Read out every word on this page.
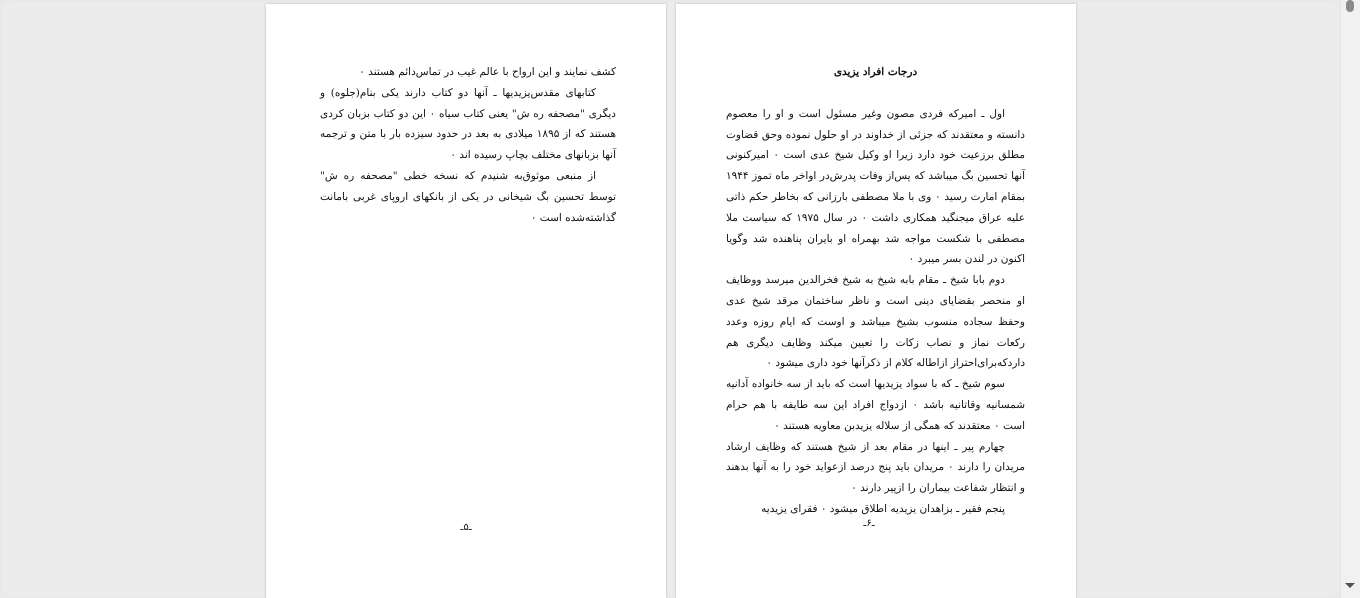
کشف نمایند و این ارواح با عالم غیب در تماس‌دائم هستند ۰

کتابهای مقدس‌یزیدیها ـ آنها دو کتاب دارند یکی بنام(جلوه) و دیگری "مصحفه ره ش" یعنی کتاب سیاه ۰ این دو کتاب بزبان کردی هستند که از ۱۸۹۵ میلادی به بعد در حدود سیزده بار با متن و ترجمه آنها بزبانهای مختلف بچاپ رسیده اند ۰

از منبعی موثوق‌به شنیدم که نسخه خطی "مصحفه ره ش" توسط تحسین بگ شیخانی در یکی از بانکهای اروپای غربی بامانت گذاشته‌شده است ۰

ـ۵ـ
درجات افراد یزیدی

اول ـ امیرکه فردی مصون وغیر مسئول است و او را معصوم دانسته و معتقدند که جزئی از خداوند در او حلول نموده وحق قضاوت مطلق برزعیت خود دارد زیرا او وکیل شیخ عدی است ۰ امیرکنونی آنها تحسین بگ میباشد که پس‌از وفات پدرش‌در اواخر ماه تموز ۱۹۴۴ بمقام امارت رسید ۰ وی با ملا مصطفی بارزانی که بخاطر حکم ذاتی علیه عراق میجنگید همکاری داشت ۰ در سال ۱۹۷۵ که سیاست ملا مصطفی با شکست مواجه شد بهمراه او بایران پناهنده شد وگویا اکنون در لندن بسر میبرد ۰

دوم بابا شیخ ـ مقام بابه شیخ به شیخ فخرالدین میرسد ووظایف او منحصر بقضایای دینی است و ناظر ساختمان مرقد شیخ عدی وحفظ سجاده منسوب بشیخ میباشد و اوست که ایام روزه وعدد رکعات نماز و نصاب زکات را تعیین میکند وظایف دیگری هم داردکه‌برای‌احتراز ازاطاله کلام از ذکرآنها خود داری میشود ۰

سوم شیخ ـ که با سواد یزیدیها است که باید از سه خانواده آدانیه شمسانیه وقاتانیه باشد ۰ ازدواج افراد این سه طایفه با هم حرام است ۰ معتقدند که همگی از سلاله یزیدبن معاویه هستند ۰

چهارم پیر ـ اینها در مقام بعد از شیخ هستند که وظایف ارشاد مریدان را دارند ۰ مریدان باید پنج درصد ازعواید خود را به آنها بدهند و انتظار شفاعت بیماران را ازپیر دارند ۰

پنجم فقیر ـ بزاهدان یزیدیه اطلاق میشود ۰ فقرای یزیدیه

ـ۶ـ
